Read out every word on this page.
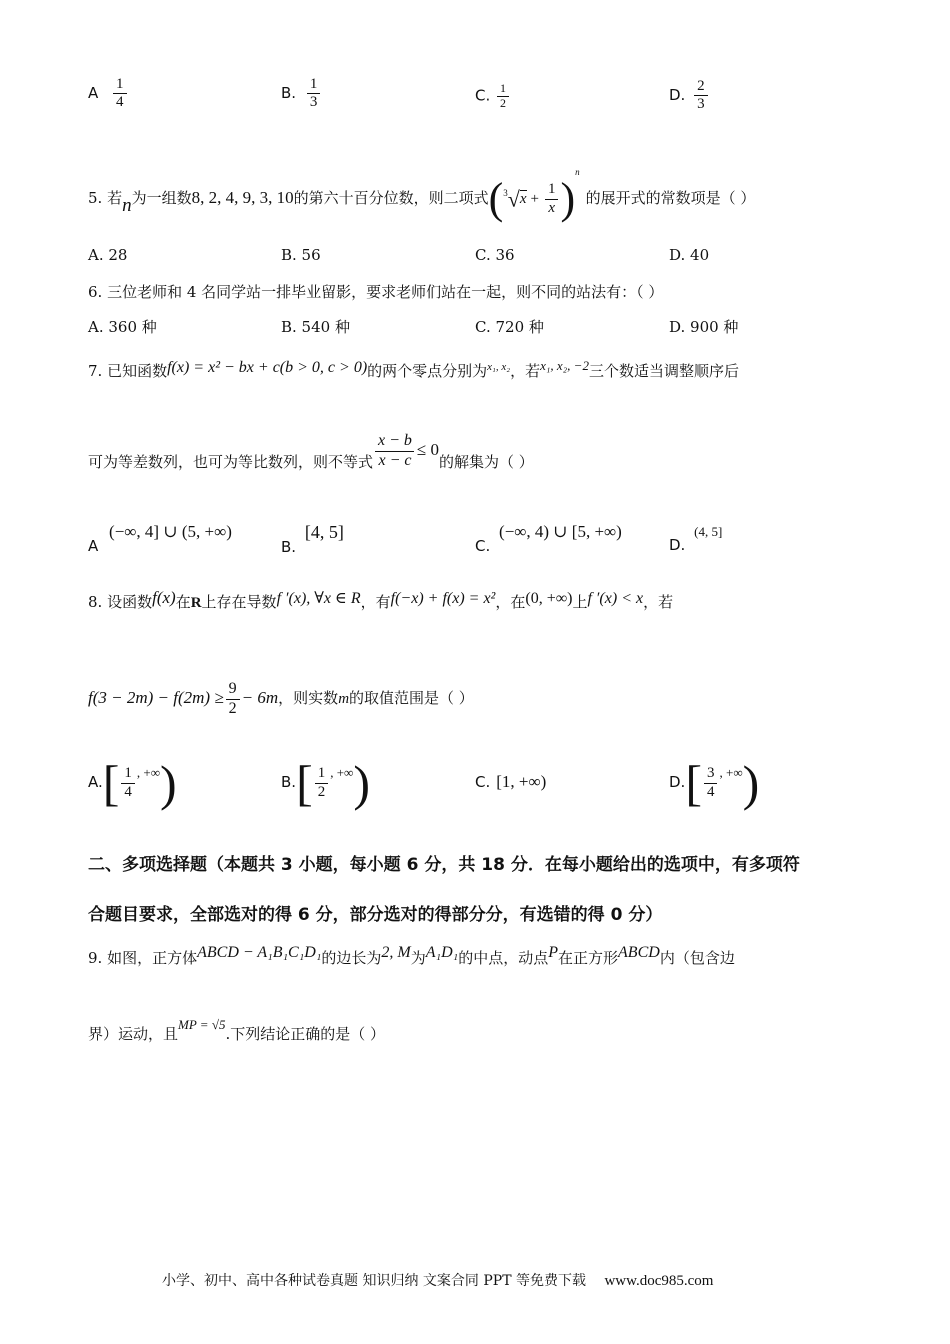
A $\frac{1}{4}$	B. $\frac{1}{3}$	C. $\frac{1}{2}$	D. $\frac{2}{3}$
5. 若n为一组数8, 2, 4, 9, 3, 10的第六十百分位数，则二项式$(^3√x + \frac{1}{x} )^n$的展开式的常数项是（ ）
A. 28	B. 56	C. 36	D. 40
6. 三位老师和 4 名同学站一排毕业留影，要求老师们站在一起，则不同的站法有：（ ）
A. 360 种	B. 540 种	C. 720 种	D. 900 种
7. 已知函数f(x) = x² − bx + c(b > 0, c > 0)的两个零点分别为$^{x_1, x_2}$，若x₁, x₂, −2三个数适当调整顺序后
可为等差数列，也可为等比数列，则不等式 $\frac{x - b}{x - c} \le 0$的解集为（ ）
A (−∞, 4] ∪ (5, +∞)
B. [4, 5]
C. (−∞, 4) ∪ [5, +∞)
D. (4, 5]
8. 设函数f(x)在R上存在导数f ′(x), ∀x ∈ R，有f(−x) + f(x) = x²，在(0, +∞)上f ′(x) < x，若
$f(3 - 2m) - f(2m) \ge \frac{9}{2} - 6m$，则实数m的取值范围是（ ）
$A.[ \frac{1}{4}$ , +∞)	$B.[ \frac{1}{2}$ , +∞)	C. [1, +∞)	$D.[ \frac{3}{4}$ , +∞)
二、多项选择题（本题共 3 小题，每小题 6 分，共 18 分．在每小题给出的选项中，有多项符
合题目要求，全部选对的得 6 分，部分选对的得部分分，有选错的得 0 分）
9. 如图，正方体ABCD − A₁B₁C₁D₁的边长为2, M为A₁D₁的中点，动点P在正方形ABCD内（包含边
界）运动，且MP = √5.下列结论正确的是（ ）
小学、初中、高中各种试卷真题 知识归纳 文案合同 PPT 等免费下载 www.doc985.com
